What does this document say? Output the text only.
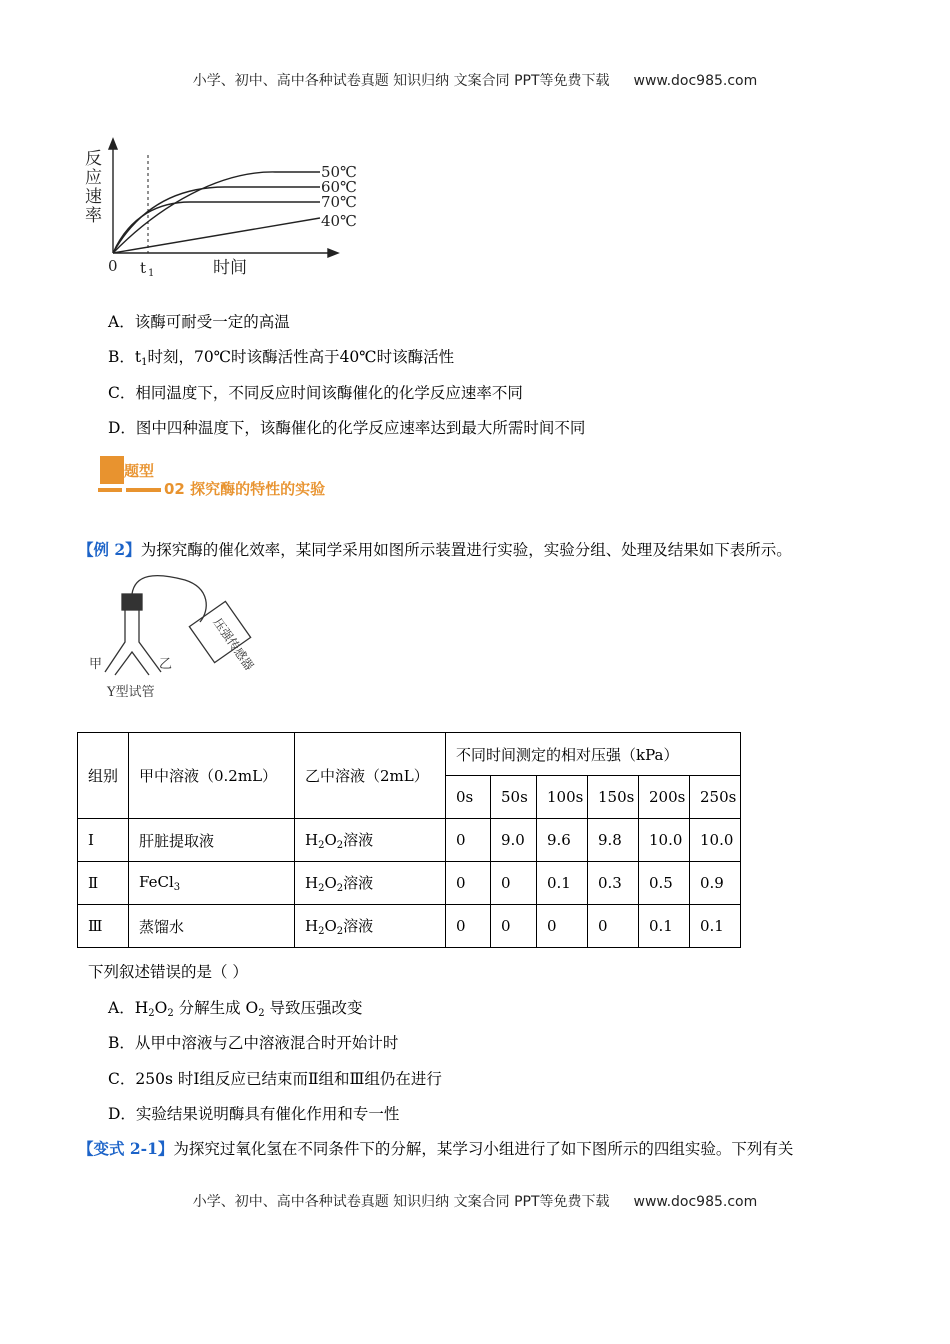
小学、初中、高中各种试卷真题 知识归纳 文案合同 PPT等免费下载 www.doc985.com
50℃
60℃
70℃
40℃
0 t 1	时间
反应速率
A．该酶可耐受一定的高温
B．$t_1$时刻，70℃时该酶活性高于40℃时该酶活性
C．相同温度下，不同反应时间该酶催化的化学反应速率不同
D．图中四种温度下，该酶催化的化学反应速率达到最大所需时间不同
题型
02 探究酶的特性的实验
【例 2】为探究酶的催化效率，某同学采用如图所示装置进行实验，实验分组、处理及结果如下表所示。
甲	乙
Y型试管
压强传感器
组别	甲中溶液（0.2mL）	乙中溶液（2mL）	不同时间测定的相对压强（kPa）					
			0s	50s	100s	150s	200s	250s
Ⅰ	肝脏提取液	$H_2O_2$溶液	0	9.0	9.6	9.8	10.0	10.0
Ⅱ	FeCl$_3$	$H_2O_2$溶液	0	0	0.1	0.3	0.5	0.9
Ⅲ	蒸馏水	$H_2O_2$溶液	0	0	0	0	0.1	0.1
下列叙述错误的是（ ）
A．$H_2O_2$ 分解生成 $O_2$ 导致压强改变
B．从甲中溶液与乙中溶液混合时开始计时
C．250s 时Ⅰ组反应已结束而Ⅱ组和Ⅲ组仍在进行
D．实验结果说明酶具有催化作用和专一性
【变式 2-1】为探究过氧化氢在不同条件下的分解，某学习小组进行了如下图所示的四组实验。下列有关
小学、初中、高中各种试卷真题 知识归纳 文案合同 PPT等免费下载 www.doc985.com
